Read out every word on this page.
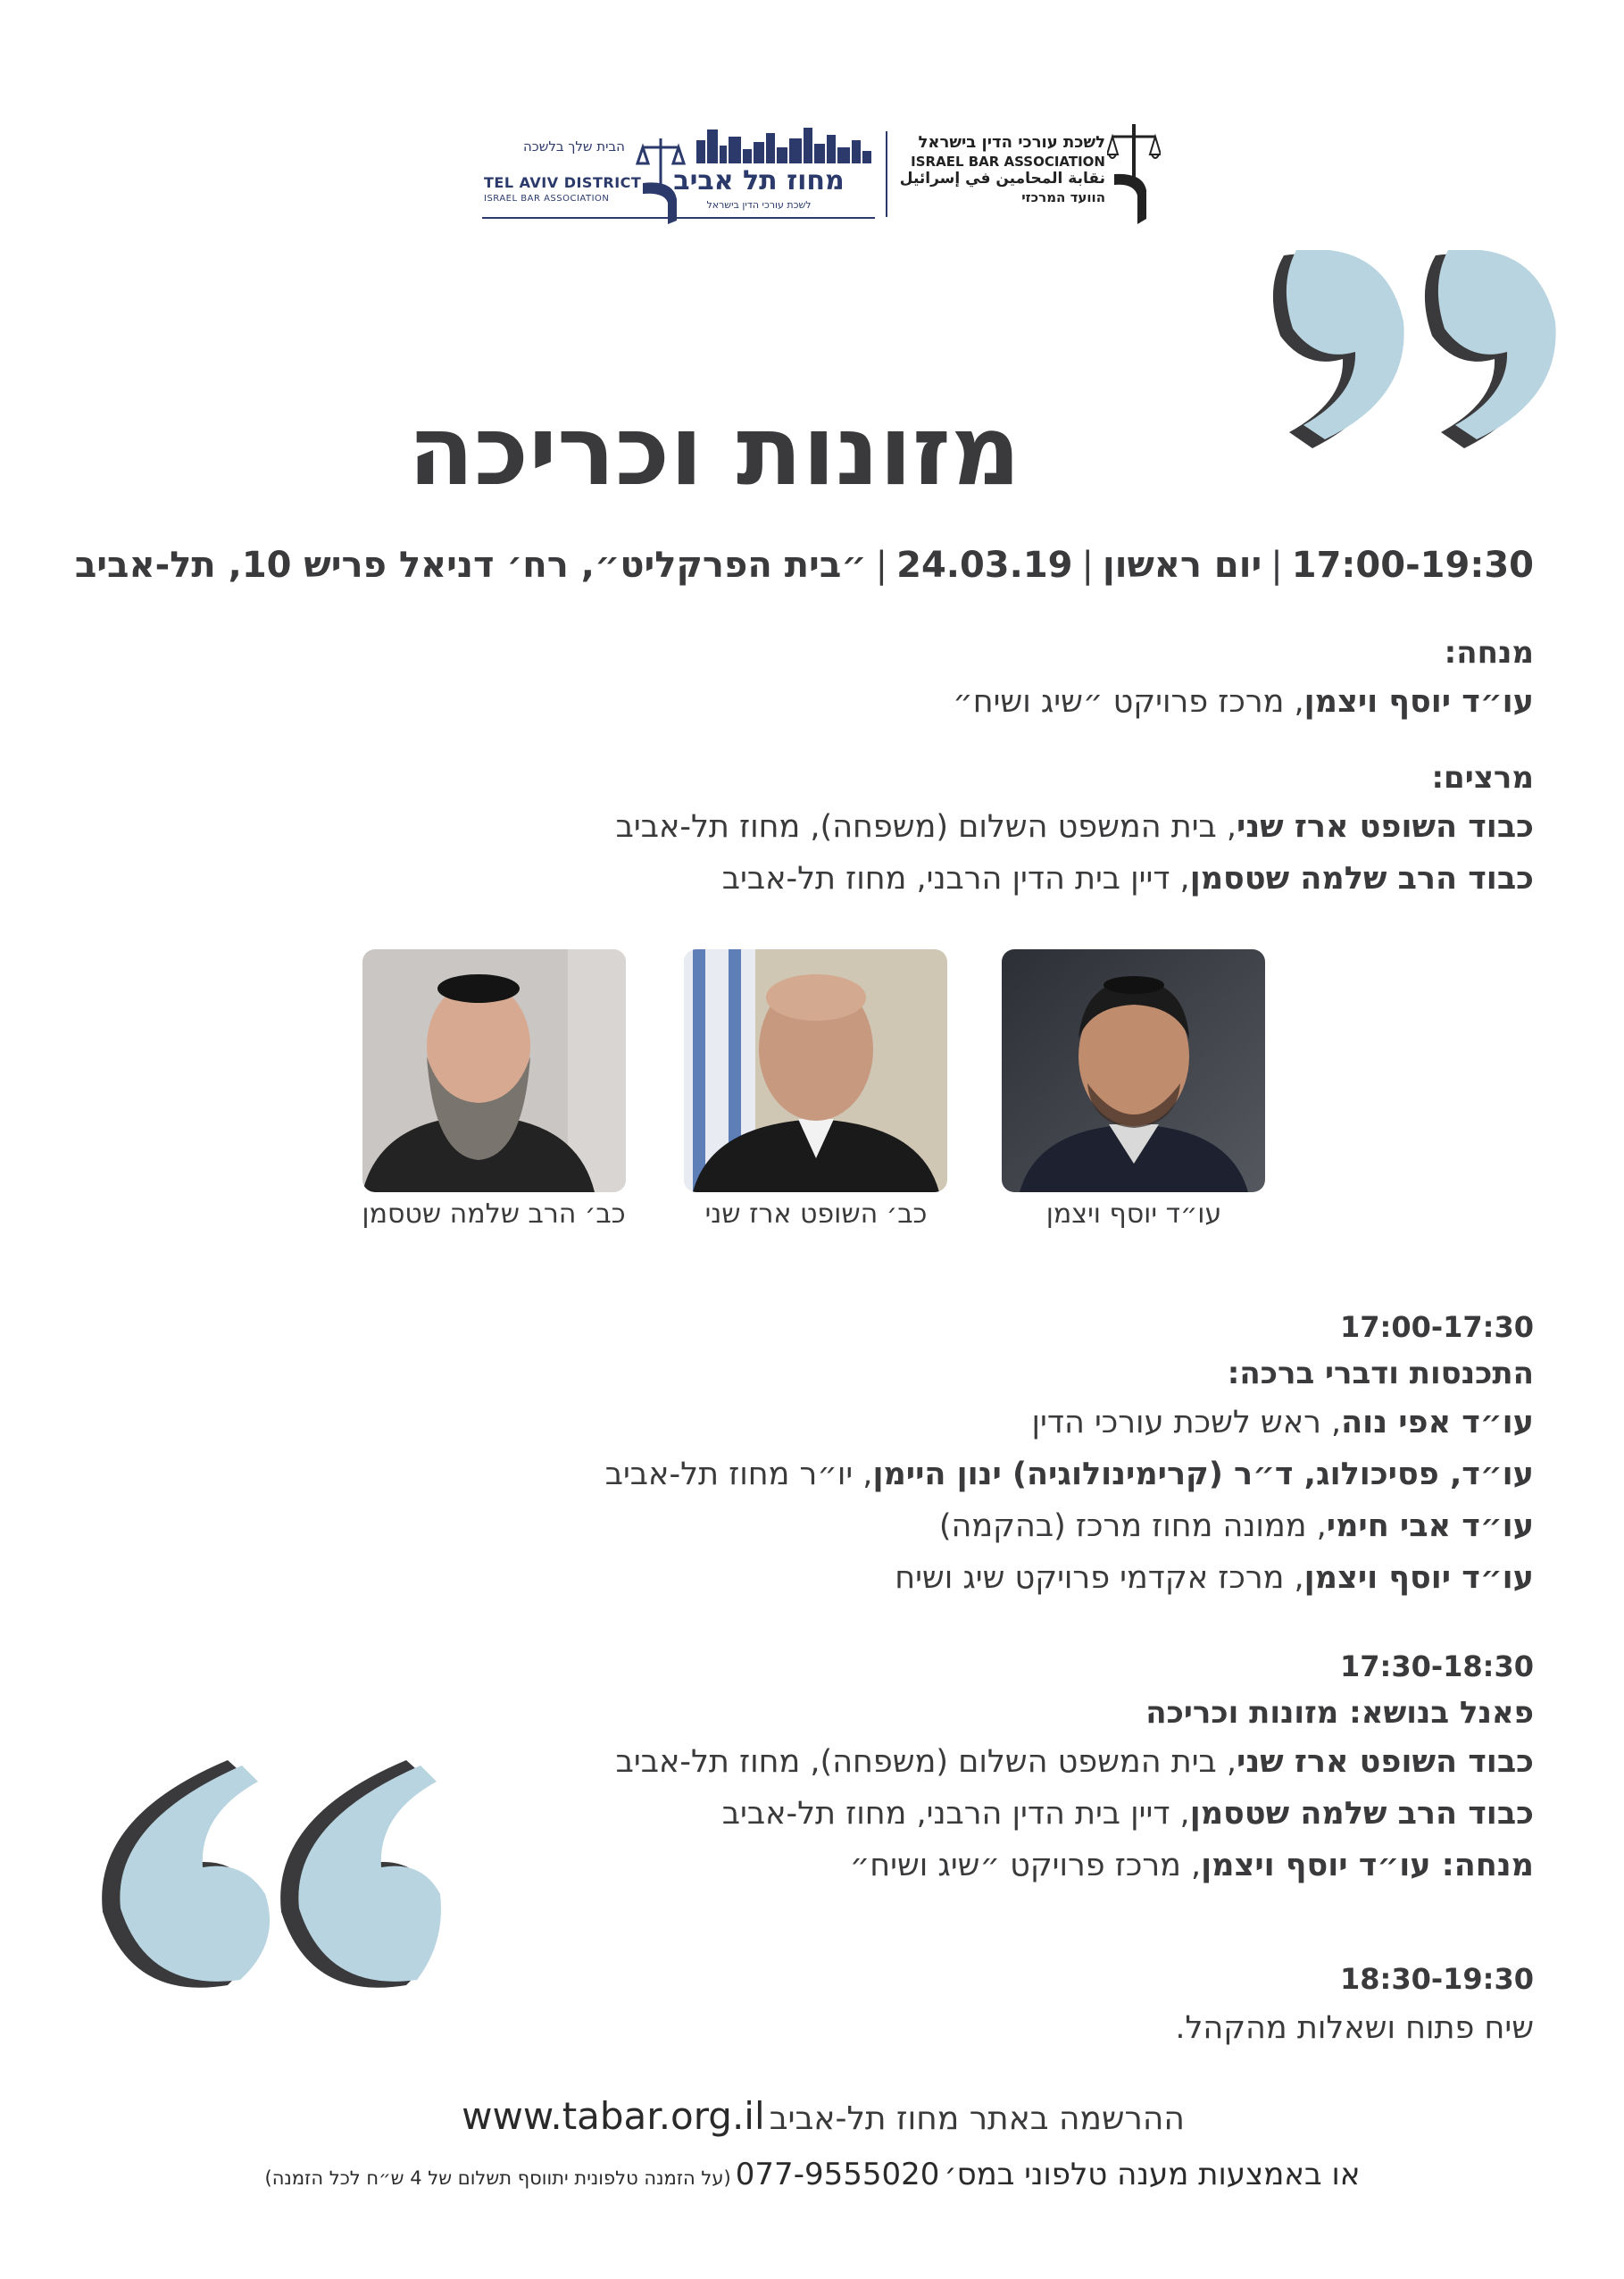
לשכת עורכי הדין בישראל
ISRAEL BAR ASSOCIATION
نقابة المحامين في إسرائيل
הוועד המרכזי
הבית שלך בלשכה
TEL AVIV DISTRICT
ISRAEL BAR ASSOCIATION
מחוז תל אביב
לשכת עורכי הדין בישראל
מזונות וכריכה
17:00-19:30|יום ראשון|24.03.19|״בית הפרקליט״, רח׳ דניאל פריש 10, תל-אביב
מנחה:
עו״ד יוסף ויצמן, מרכז פרויקט ״שיג ושיח״
מרצים:
כבוד השופט ארז שני, בית המשפט השלום (משפחה), מחוז תל-אביב
כבוד הרב שלמה שטסמן, דיין בית הדין הרבני, מחוז תל-אביב
עו״ד יוסף ויצמן
כב׳ השופט ארז שני
כב׳ הרב שלמה שטסמן
17:00-17:30
התכנסות ודברי ברכה:
עו״ד אפי נוה, ראש לשכת עורכי הדין
עו״ד, פסיכולוג, ד״ר (קרימינולוגיה) ינון היימן, יו״ר מחוז תל-אביב
עו״ד אבי חימי, ממונה מחוז מרכז (בהקמה)
עו״ד יוסף ויצמן, מרכז אקדמי פרויקט שיג ושיח
17:30-18:30
פאנל בנושא: מזונות וכריכה
כבוד השופט ארז שני, בית המשפט השלום (משפחה), מחוז תל-אביב
כבוד הרב שלמה שטסמן, דיין בית הדין הרבני, מחוז תל-אביב
מנחה: עו״ד יוסף ויצמן, מרכז פרויקט ״שיג ושיח״
18:30-19:30
שיח פתוח ושאלות מהקהל.
ההרשמה באתר מחוז תל-אביב www.tabar.org.il
או באמצעות מענה טלפוני במס׳ 077-9555020 (על הזמנה טלפונית יתווסף תשלום של 4 ש״ח לכל הזמנה)
